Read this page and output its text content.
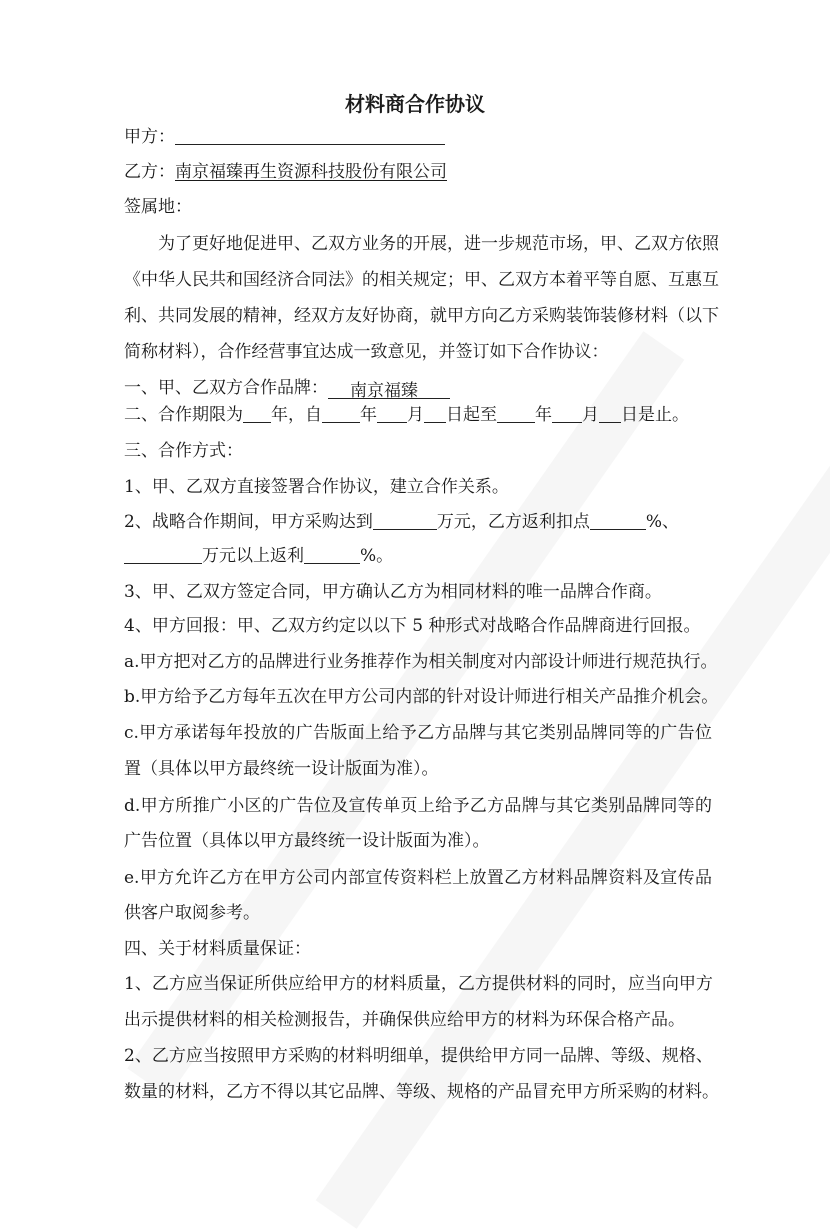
材料商合作协议
甲方：
乙方：南京福臻再生资源科技股份有限公司
签属地：
为了更好地促进甲、乙双方业务的开展，进一步规范市场，甲、乙双方依照
《中华人民共和国经济合同法》的相关规定；甲、乙双方本着平等自愿、互惠互
利、共同发展的精神，经双方友好协商，就甲方向乙方采购装饰装修材料（以下
简称材料），合作经营事宜达成一致意见，并签订如下合作协议：
一、甲、乙双方合作品牌： 南京福臻
二、合作期限为 年，自 年 月 日起至 年 月 日是止。
三、合作方式：
1、甲、乙双方直接签署合作协议，建立合作关系。
2、战略合作期间，甲方采购达到	万元，乙方返利扣点	%、
万元以上返利	%。
3、甲、乙双方签定合同，甲方确认乙方为相同材料的唯一品牌合作商。
4、甲方回报：甲、乙双方约定以以下 5 种形式对战略合作品牌商进行回报。
a.甲方把对乙方的品牌进行业务推荐作为相关制度对内部设计师进行规范执行。
b.甲方给予乙方每年五次在甲方公司内部的针对设计师进行相关产品推介机会。
c.甲方承诺每年投放的广告版面上给予乙方品牌与其它类别品牌同等的广告位
置（具体以甲方最终统一设计版面为准）。
d.甲方所推广小区的广告位及宣传单页上给予乙方品牌与其它类别品牌同等的
广告位置（具体以甲方最终统一设计版面为准）。
e.甲方允许乙方在甲方公司内部宣传资料栏上放置乙方材料品牌资料及宣传品
供客户取阅参考。
四、关于材料质量保证：
1、乙方应当保证所供应给甲方的材料质量，乙方提供材料的同时，应当向甲方
出示提供材料的相关检测报告，并确保供应给甲方的材料为环保合格产品。
2、乙方应当按照甲方采购的材料明细单，提供给甲方同一品牌、等级、规格、
数量的材料，乙方不得以其它品牌、等级、规格的产品冒充甲方所采购的材料。
